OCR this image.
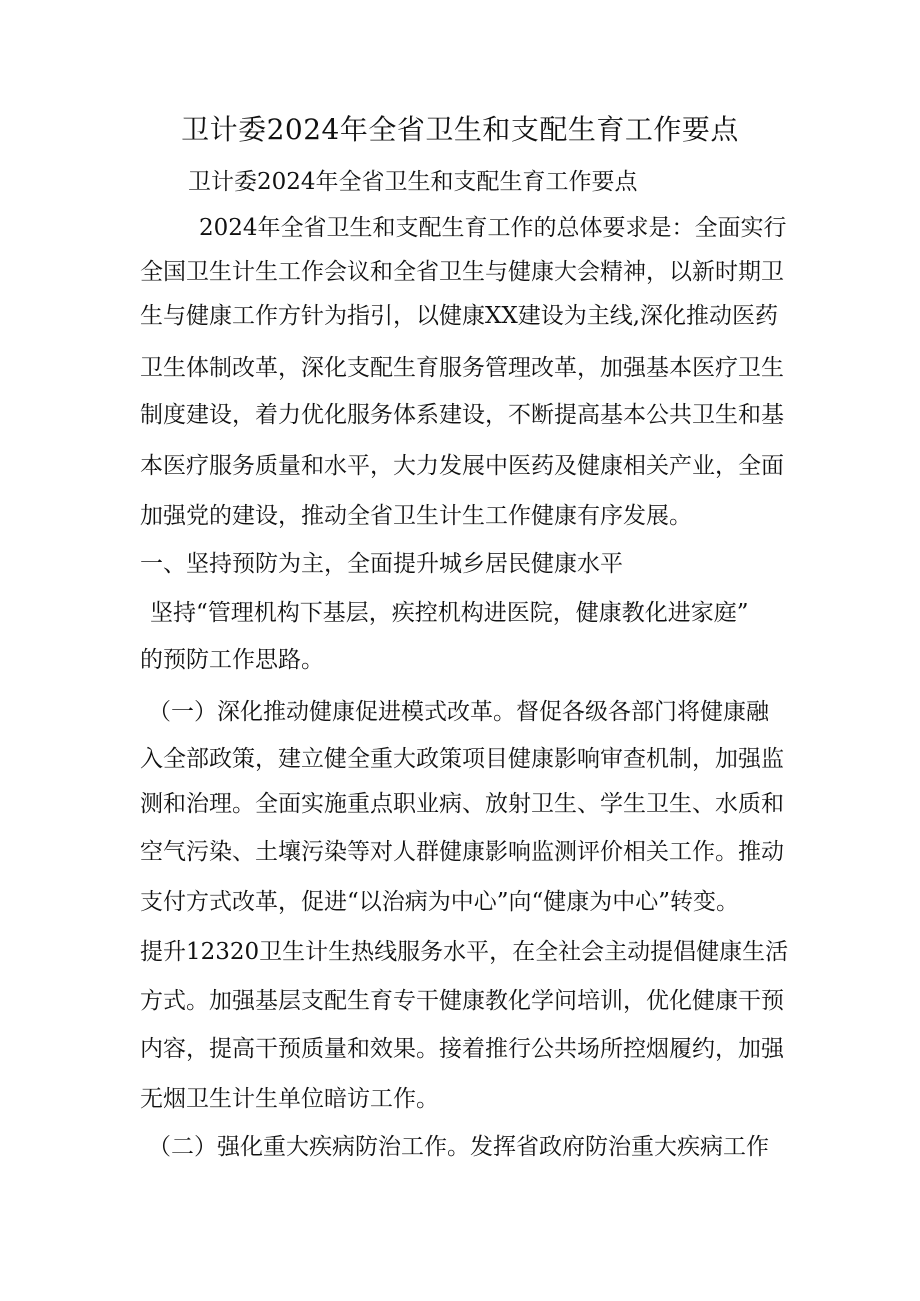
卫计委2024年全省卫生和支配生育工作要点
卫计委2024年全省卫生和支配生育工作要点
2024年全省卫生和支配生育工作的总体要求是：全面实行
全国卫生计生工作会议和全省卫生与健康大会精神，以新时期卫
生与健康工作方针为指引，以健康XX建设为主线,深化推动医药
卫生体制改革，深化支配生育服务管理改革，加强基本医疗卫生
制度建设，着力优化服务体系建设，不断提高基本公共卫生和基
本医疗服务质量和水平，大力发展中医药及健康相关产业，全面
加强党的建设，推动全省卫生计生工作健康有序发展。
一、坚持预防为主，全面提升城乡居民健康水平
坚持“管理机构下基层，疾控机构进医院，健康教化进家庭”
的预防工作思路。
（一）深化推动健康促进模式改革。督促各级各部门将健康融
入全部政策，建立健全重大政策项目健康影响审查机制，加强监
测和治理。全面实施重点职业病、放射卫生、学生卫生、水质和
空气污染、土壤污染等对人群健康影响监测评价相关工作。推动
支付方式改革，促进“以治病为中心”向“健康为中心”转变。
提升12320卫生计生热线服务水平，在全社会主动提倡健康生活
方式。加强基层支配生育专干健康教化学问培训，优化健康干预
内容，提高干预质量和效果。接着推行公共场所控烟履约，加强
无烟卫生计生单位暗访工作。
（二）强化重大疾病防治工作。发挥省政府防治重大疾病工作
